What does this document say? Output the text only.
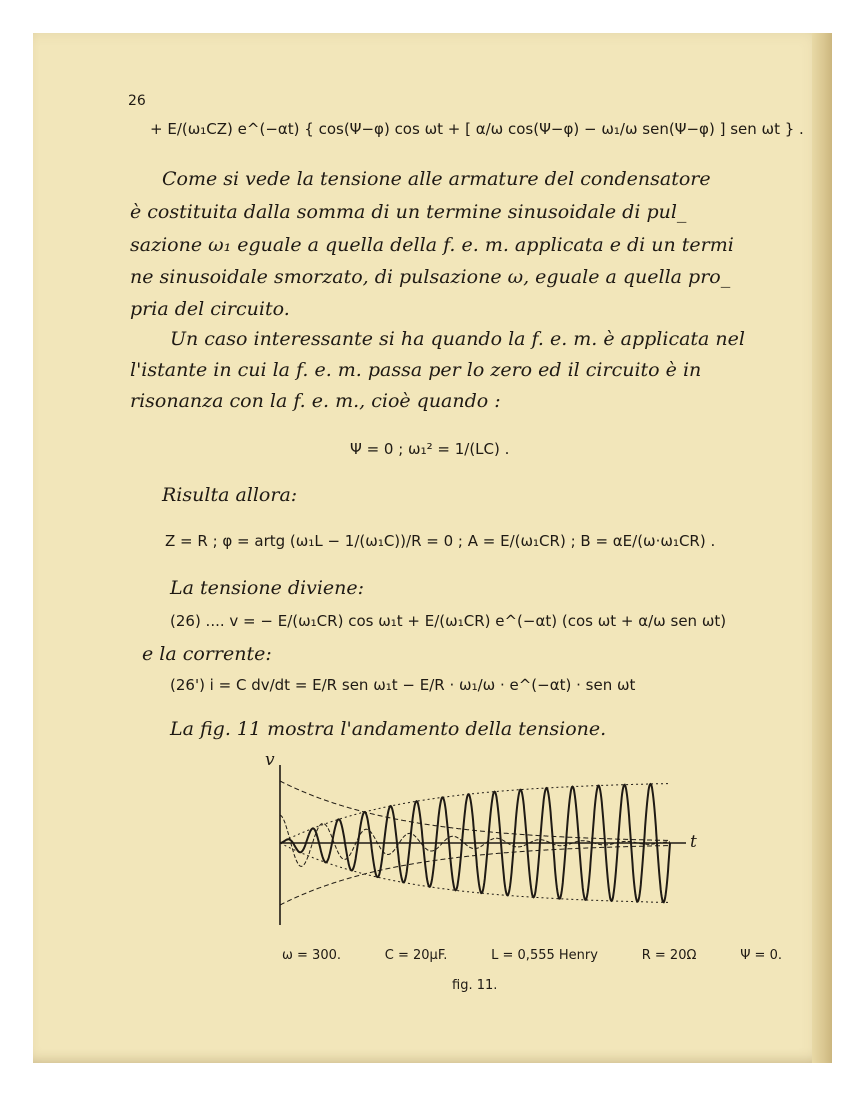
26
+ E/(ω₁CZ) e^(−αt) { cos(Ψ−φ) cos ωt + [ α/ω cos(Ψ−φ) − ω₁/ω sen(Ψ−φ) ] sen ωt } .
Come si vede la tensione alle armature del condensatore
è costituita dalla somma di un termine sinusoidale di pul_
sazione ω₁ eguale a quella della f. e. m. applicata e di un termi
ne sinusoidale smorzato, di pulsazione ω, eguale a quella pro_
pria del circuito.
Un caso interessante si ha quando la f. e. m. è applicata nel
l'istante in cui la f. e. m. passa per lo zero ed il circuito è in
risonanza con la f. e. m., cioè quando :
Ψ = 0 ; ω₁² = 1/(LC) .
Risulta allora:
Z = R ; φ = artg (ω₁L − 1/(ω₁C))/R = 0 ; A = E/(ω₁CR) ; B = αE/(ω·ω₁CR) .
La tensione diviene:
(26) .... v = − E/(ω₁CR) cos ω₁t + E/(ω₁CR) e^(−αt) (cos ωt + α/ω sen ωt)
e la corrente:
(26') i = C dv/dt = E/R sen ω₁t − E/R · ω₁/ω · e^(−αt) · sen ωt
La fig. 11 mostra l'andamento della tensione.
v
t
ω = 300.	C = 20μF.	L = 0,555 Henry	R = 20Ω	Ψ = 0.
fig. 11.
